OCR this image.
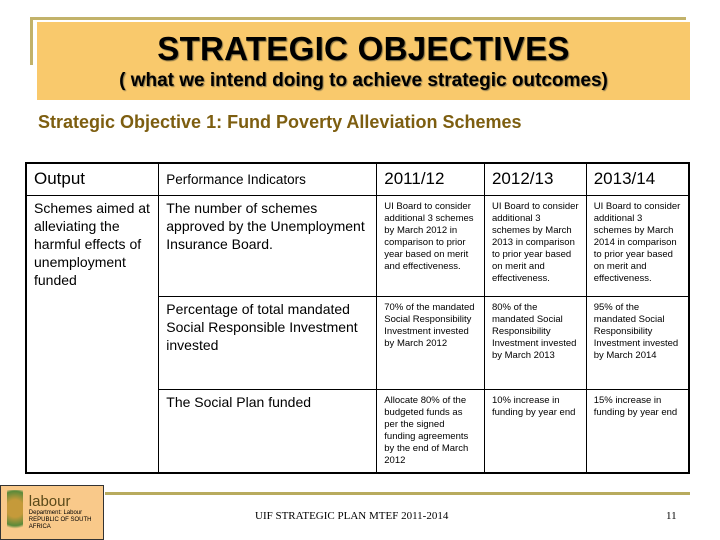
STRATEGIC OBJECTIVES
( what we intend doing to achieve strategic outcomes)
Strategic Objective 1: Fund Poverty Alleviation Schemes
Output	Performance Indicators	2011/12	2012/13	2013/14
Schemes aimed at alleviating the harmful effects of unemployment funded	The number of schemes approved by the Unemployment Insurance Board.	UI Board to consider additional 3 schemes by March 2012 in comparison to prior year based on merit and effectiveness.	UI Board to consider additional 3 schemes by March 2013 in comparison to prior year based on merit and effectiveness.	UI Board to consider additional 3 schemes by March 2014 in comparison to prior year based on merit and effectiveness.
	Percentage of total mandated Social Responsible Investment invested	70% of the mandated Social Responsibility Investment invested by March 2012	80% of the mandated Social Responsibility Investment invested by March 2013	95% of the mandated Social Responsibility Investment invested by March 2014
	The Social Plan funded	Allocate 80% of the budgeted funds as per the signed funding agreements by the end of March 2012	10% increase in funding by year end	15% increase in funding by year end
labour
Department: Labour REPUBLIC OF SOUTH AFRICA
UIF STRATEGIC PLAN MTEF 2011-2014	11
